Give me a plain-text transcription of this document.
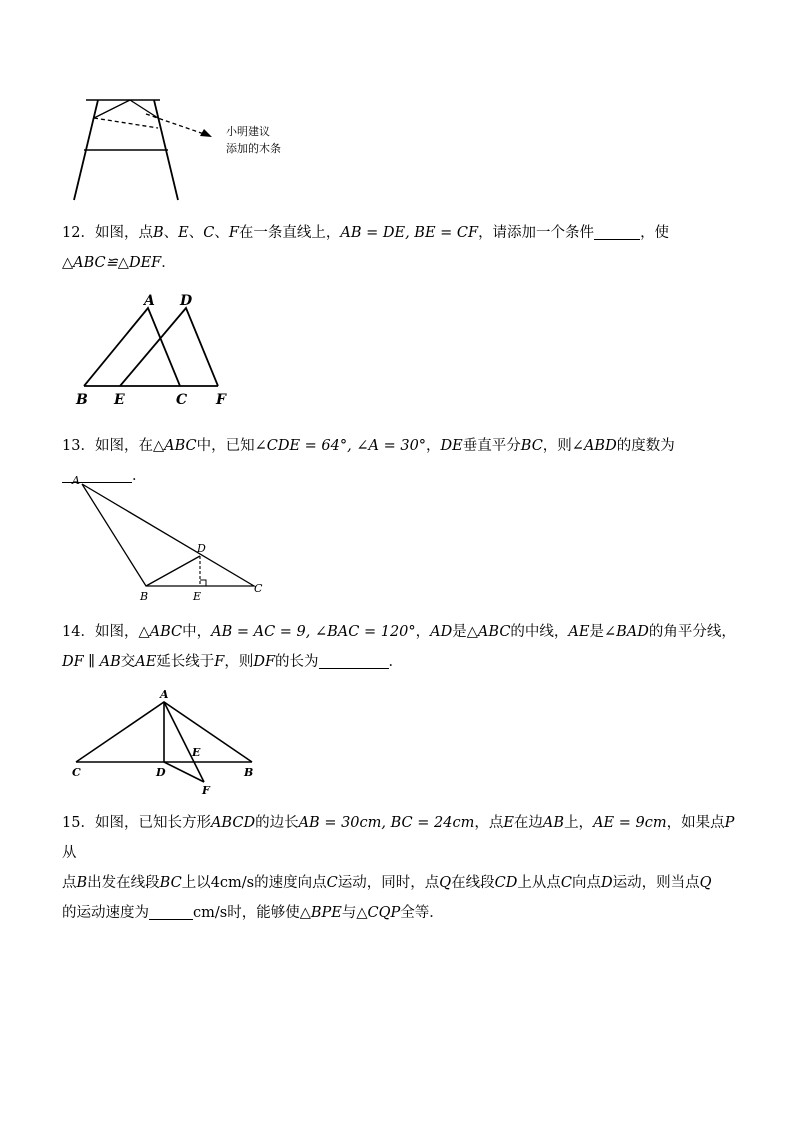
小明建议
添加的木条

12．如图，点B、E、C、F在一条直线上，AB = DE, BE = CF，请添加一个条件	，使
△ABC≌△DEF．

A D
B E	C F

13．如图，在△ABC中，已知∠CDE = 64°, ∠A = 30°，DE垂直平分BC，则∠ABD的度数为．

A
D
B	E
C

14．如图，△ABC中，AB = AC = 9, ∠BAC = 120°，AD是△ABC的中线，AE是∠BAD的角平分线，
DF ∥ AB交AE延长线于F，则DF的长为	．

A
E
C	D	B
F

15．如图，已知长方形ABCD的边长AB = 30cm, BC = 24cm，点E在边AB上，AE = 9cm，如果点P从
点B出发在线段BC上以4cm/s的速度向点C运动，同时，点Q在线段CD上从点C向点D运动，则当点Q
的运动速度为	cm/s时，能够使△BPE与△CQP全等．
